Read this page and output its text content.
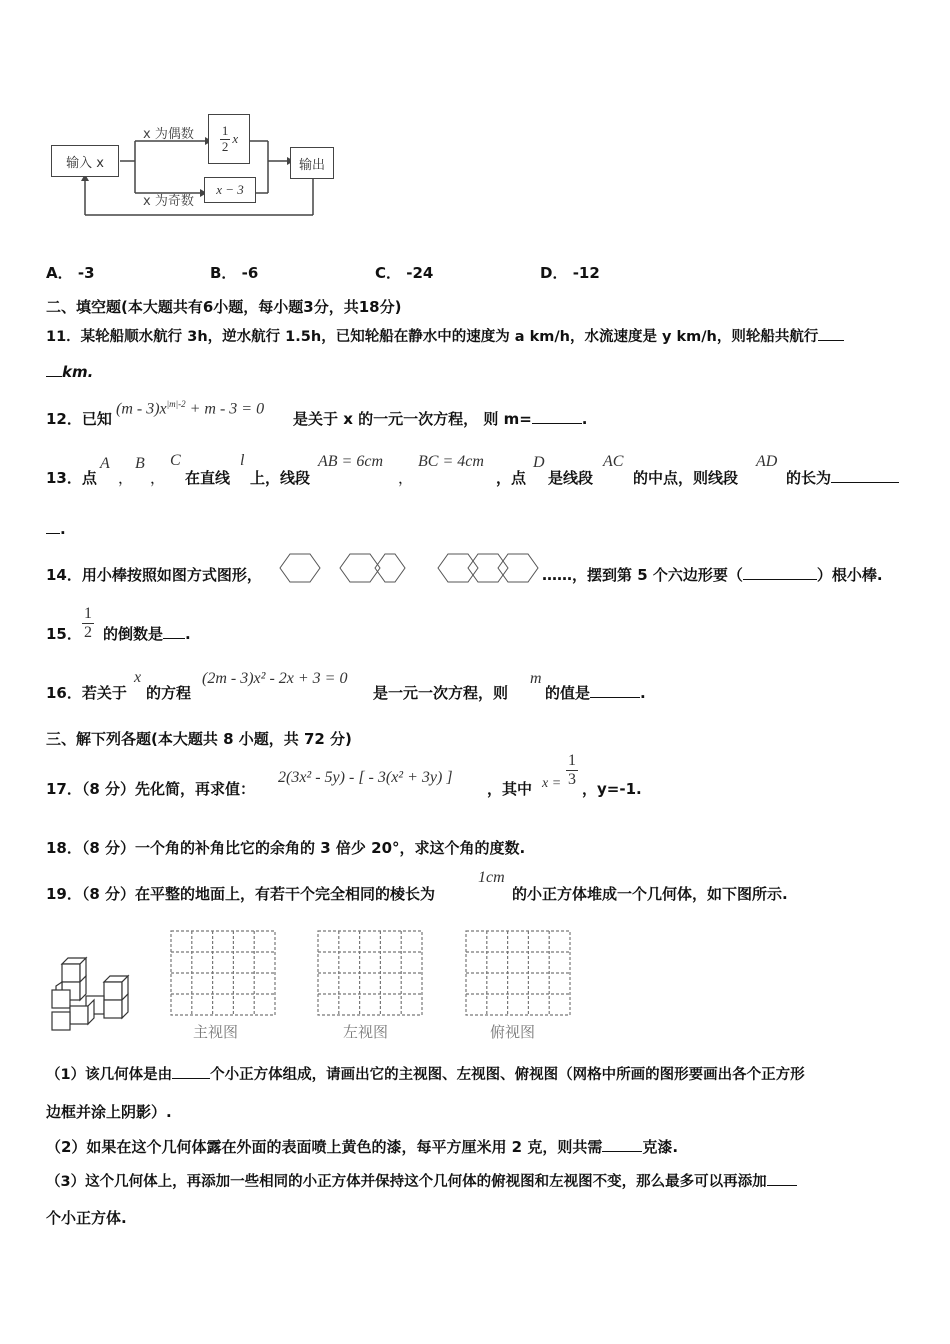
输入 x
x 为偶数
x 为奇数
$\frac{1}{2}$ x
x − 3
输出
A． -3	B． -6	C． -24	D． -12
二、填空题(本大题共有6小题，每小题3分，共18分)
11．某轮船顺水航行 3h，逆水航行 1.5h，已知轮船在静水中的速度为 a km/h，水流速度是 y km/h，则轮船共航行
km.
12．已知
$(m - 3)x^{|m|-2} + m - 3 = 0$
是关于 x 的一元一次方程， 则 m=	.
13．点
A
，
B
，
C
在直线
l
上，线段
AB = 6cm
，
BC = 4cm
，点
D
是线段
AC
的中点，则线段
AD
的长为
.
14．用小棒按照如图方式图形，	……，摆到第 5 个六边形要（	）根小棒.
15． $\frac{1}{2}$ 的倒数是 .
16．若关于
x
的方程
(2m - 3)x² - 2x + 3 = 0
是一元一次方程，则
m
的值是	.
三、解下列各题(本大题共 8 小题，共 72 分)
17．（8 分）先化简，再求值：
2(3x² - 5y) - [ - 3(x² + 3y) ]
，其中 $x = \frac{1}{3}$
，y=-1.
18．（8 分）一个角的补角比它的余角的 3 倍少 20°，求这个角的度数.
19．（8 分）在平整的地面上，有若干个完全相同的棱长为
1cm
的小正方体堆成一个几何体，如下图所示.
主视图	左视图	俯视图
（1）该几何体是由	个小正方体组成，请画出它的主视图、左视图、俯视图（网格中所画的图形要画出各个正方形
边框并涂上阴影）.
（2）如果在这个几何体露在外面的表面喷上黄色的漆，每平方厘米用 2 克，则共需	克漆.
（3）这个几何体上，再添加一些相同的小正方体并保持这个几何体的俯视图和左视图不变，那么最多可以再添加
个小正方体.
